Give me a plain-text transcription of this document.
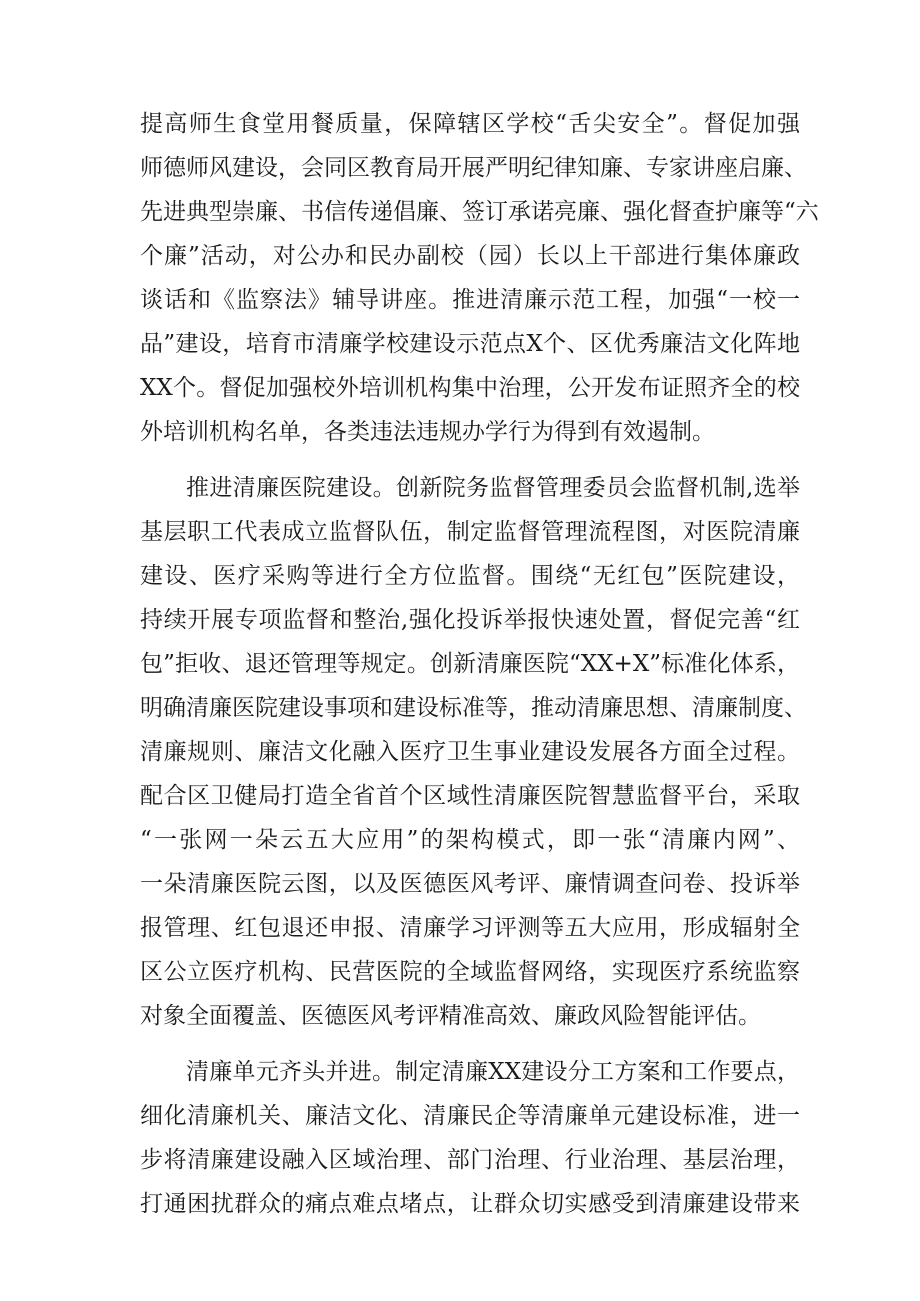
提高师生食堂用餐质量，保障辖区学校“舌尖安全”。督促加强
师德师风建设，会同区教育局开展严明纪律知廉、专家讲座启廉、
先进典型崇廉、书信传递倡廉、签订承诺亮廉、强化督查护廉等“六
个廉”活动，对公办和民办副校（园）长以上干部进行集体廉政
谈话和《监察法》辅导讲座。推进清廉示范工程，加强“一校一
品”建设，培育市清廉学校建设示范点X个、区优秀廉洁文化阵地
XX个。督促加强校外培训机构集中治理，公开发布证照齐全的校
外培训机构名单，各类违法违规办学行为得到有效遏制。
推进清廉医院建设。创新院务监督管理委员会监督机制,选举
基层职工代表成立监督队伍，制定监督管理流程图，对医院清廉
建设、医疗采购等进行全方位监督。围绕“无红包”医院建设，
持续开展专项监督和整治,强化投诉举报快速处置，督促完善“红
包”拒收、退还管理等规定。创新清廉医院“XX+X”标准化体系，
明确清廉医院建设事项和建设标准等，推动清廉思想、清廉制度、
清廉规则、廉洁文化融入医疗卫生事业建设发展各方面全过程。
配合区卫健局打造全省首个区域性清廉医院智慧监督平台，采取
“一张网一朵云五大应用”的架构模式，即一张“清廉内网”、
一朵清廉医院云图，以及医德医风考评、廉情调查问卷、投诉举
报管理、红包退还申报、清廉学习评测等五大应用，形成辐射全
区公立医疗机构、民营医院的全域监督网络，实现医疗系统监察
对象全面覆盖、医德医风考评精准高效、廉政风险智能评估。
清廉单元齐头并进。制定清廉XX建设分工方案和工作要点，
细化清廉机关、廉洁文化、清廉民企等清廉单元建设标准，进一
步将清廉建设融入区域治理、部门治理、行业治理、基层治理，
打通困扰群众的痛点难点堵点，让群众切实感受到清廉建设带来
